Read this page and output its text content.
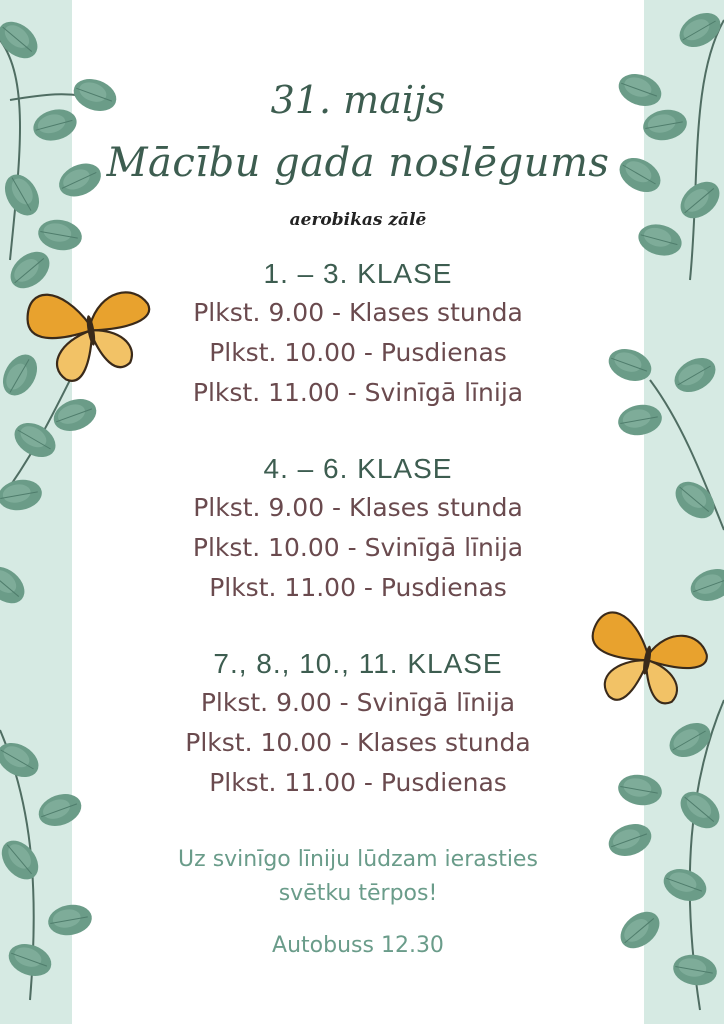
31. maijs
Mācību gada noslēgums
aerobikas zālē
1. – 3. KLASE
Plkst. 9.00 - Klases stunda
Plkst. 10.00 - Pusdienas
Plkst. 11.00 - Svinīgā līnija
4. – 6. KLASE
Plkst. 9.00 - Klases stunda
Plkst. 10.00 - Svinīgā līnija
Plkst. 11.00 - Pusdienas
7., 8., 10., 11. KLASE
Plkst. 9.00 - Svinīgā līnija
Plkst. 10.00 - Klases stunda
Plkst. 11.00 - Pusdienas
Uz svinīgo līniju lūdzam ierasties
svētku tērpos!
Autobuss 12.30
